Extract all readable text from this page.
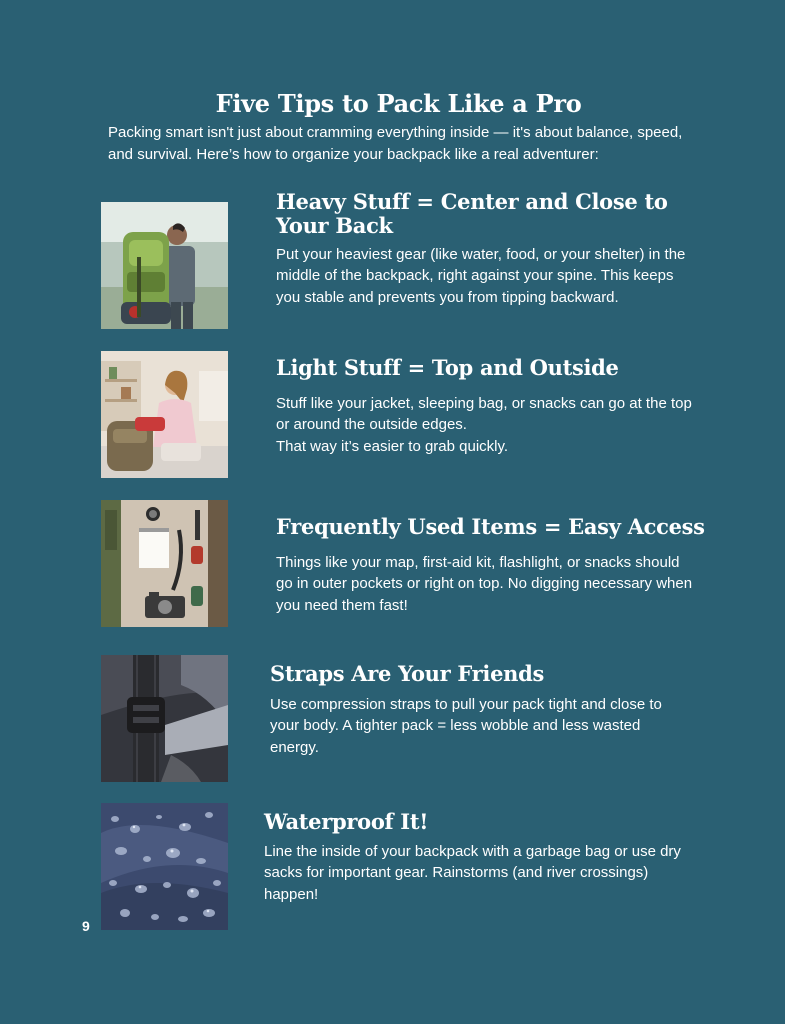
Five Tips to Pack Like a Pro

Packing smart isn't just about cramming everything inside — it's about balance, speed, and survival. Here’s how to organize your backpack like a real adventurer:

Heavy Stuff = Center and Close to Your Back

Put your heaviest gear (like water, food, or your shelter) in the middle of the backpack, right against your spine. This keeps you stable and prevents you from tipping backward.

Light Stuff = Top and Outside

Stuff like your jacket, sleeping bag, or snacks can go at the top or around the outside edges.
That way it’s easier to grab quickly.

Frequently Used Items = Easy Access

Things like your map, first-aid kit, flashlight, or snacks should go in outer pockets or right on top. No digging necessary when you need them fast!

Straps Are Your Friends

Use compression straps to pull your pack tight and close to your body. A tighter pack = less wobble and less wasted energy.

Waterproof It!

Line the inside of your backpack with a garbage bag or use dry sacks for important gear. Rainstorms (and river crossings) happen!

9
